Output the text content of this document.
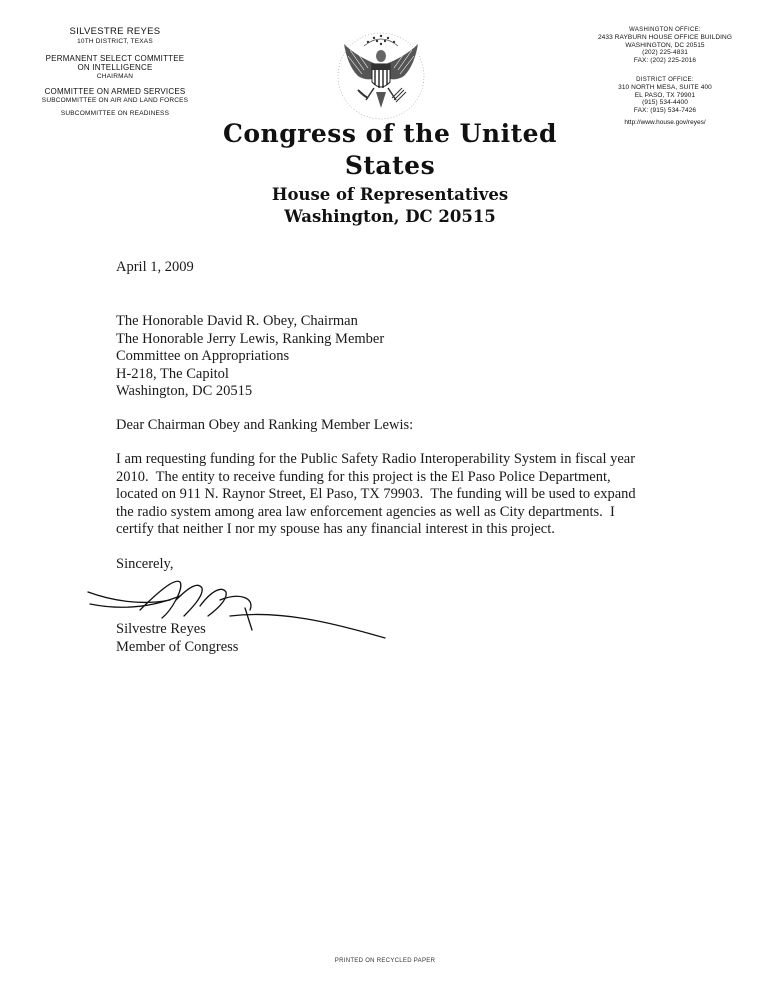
SILVESTRE REYES
10TH DISTRICT, TEXAS
PERMANENT SELECT COMMITTEE
ON INTELLIGENCE
CHAIRMAN
COMMITTEE ON ARMED SERVICES
SUBCOMMITTEE ON AIR AND LAND FORCES
SUBCOMMITTEE ON READINESS
WASHINGTON OFFICE:
2433 RAYBURN HOUSE OFFICE BUILDING
WASHINGTON, DC 20515
(202) 225-4831
FAX: (202) 225-2016
DISTRICT OFFICE:
310 NORTH MESA, SUITE 400
EL PASO, TX 79901
(915) 534-4400
FAX: (915) 534-7426
http://www.house.gov/reyes/
Congress of the United States
House of Representatives
Washington, DC 20515
April 1, 2009
The Honorable David R. Obey, Chairman
The Honorable Jerry Lewis, Ranking Member
Committee on Appropriations
H-218, The Capitol
Washington, DC 20515
Dear Chairman Obey and Ranking Member Lewis:
I am requesting funding for the Public Safety Radio Interoperability System in fiscal year
2010.  The entity to receive funding for this project is the El Paso Police Department,
located on 911 N. Raynor Street, El Paso, TX 79903.  The funding will be used to expand
the radio system among area law enforcement agencies as well as City departments.  I
certify that neither I nor my spouse has any financial interest in this project.
Sincerely,
Silvestre Reyes
Member of Congress
PRINTED ON RECYCLED PAPER
